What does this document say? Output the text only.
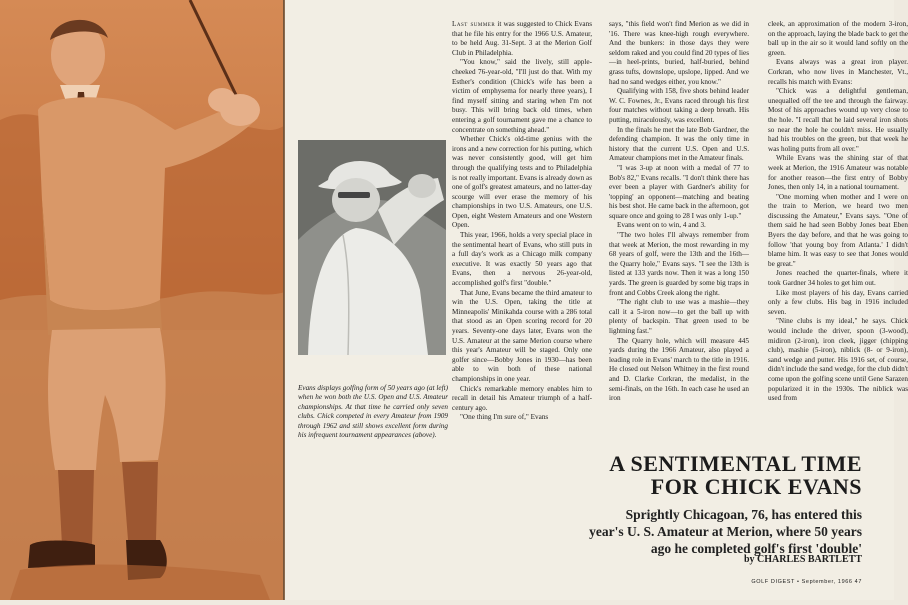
Evans displays golfing form of 50 years ago (at left) when he won both the U.S. Open and U.S. Amateur championships. At that time he carried only seven clubs. Chick competed in every Amateur from 1909 through 1962 and still shows excellent form during his infrequent tournament appearances (above).

Last summer it was suggested to Chick Evans that he file his entry for the 1966 U.S. Amateur, to be held Aug. 31-Sept. 3 at the Merion Golf Club in Philadelphia.

"You know," said the lively, still apple-cheeked 76-year-old, "I'll just do that. With my Esther's condition (Chick's wife has been a victim of emphysema for nearly three years), I find myself sitting and staring when I'm not busy. This will bring back old times, when entering a golf tournament gave me a chance to concentrate on something ahead."

Whether Chick's old-time genius with the irons and a new correction for his putting, which was never consistently good, will get him through the qualifying tests and to Philadelphia is not really important. Evans is already down as one of golf's greatest amateurs, and no latter-day scourge will ever erase the memory of his championships in two U.S. Amateurs, one U.S. Open, eight Western Amateurs and one Western Open.

This year, 1966, holds a very special place in the sentimental heart of Evans, who still puts in a full day's work as a Chicago milk company executive. It was exactly 50 years ago that Evans, then a nervous 26-year-old, accomplished golf's first "double."

That June, Evans became the third amateur to win the U.S. Open, taking the title at Minneapolis' Minikahda course with a 286 total that stood as an Open scoring record for 20 years. Seventy-one days later, Evans won the U.S. Amateur at the same Merion course where this year's Amateur will be staged. Only one golfer since—Bobby Jones in 1930—has been able to win both of these national championships in one year.

Chick's remarkable memory enables him to recall in detail his Amateur triumph of a half-century ago.

"One thing I'm sure of," Evans

says, "this field won't find Merion as we did in '16. There was knee-high rough everywhere. And the bunkers: in those days they were seldom raked and you could find 20 types of lies—in heel-prints, buried, half-buried, behind grass tufts, downslope, upslope, lipped. And we had no sand wedges either, you know."

Qualifying with 158, five shots behind leader W. C. Fownes, Jr., Evans raced through his first four matches without taking a deep breath. His putting, miraculously, was excellent.

In the finals he met the late Bob Gardner, the defending champion. It was the only time in history that the current U.S. Open and U.S. Amateur champions met in the Amateur finals.

"I was 3-up at noon with a medal of 77 to Bob's 82," Evans recalls. "I don't think there has ever been a player with Gardner's ability for 'topping' an opponent—matching and beating his best shot. He came back in the afternoon, got square once and going to 28 I was only 1-up."

Evans went on to win, 4 and 3.

"The two holes I'll always remember from that week at Merion, the most rewarding in my 68 years of golf, were the 13th and the 16th—the Quarry hole," Evans says. "I see the 13th is listed at 133 yards now. Then it was a long 150 yards. The green is guarded by some big traps in front and Cobbs Creek along the right.

"The right club to use was a mashie—they call it a 5-iron now—to get the ball up with plenty of backspin. That green used to be lightning fast."

The Quarry hole, which will measure 445 yards during the 1966 Amateur, also played a leading role in Evans' march to the title in 1916. He closed out Nelson Whitney in the first round and D. Clarke Corkran, the medalist, in the semi-finals, on the 16th. In each case he used an iron

cleek, an approximation of the modern 3-iron, on the approach, laying the blade back to get the ball up in the air so it would land softly on the green.

Evans always was a great iron player. Corkran, who now lives in Manchester, Vt., recalls his match with Evans:

"Chick was a delightful gentleman, unequalled off the tee and through the fairway. Most of his approaches wound up very close to the hole. "I recall that he laid several iron shots so near the hole he couldn't miss. He usually had his troubles on the green, but that week he was holing putts from all over."

While Evans was the shining star of that week at Merion, the 1916 Amateur was notable for another reason—the first entry of Bobby Jones, then only 14, in a national tournament.

"One morning when mother and I were on the train to Merion, we heard two men discussing the Amateur," Evans says. "One of them said he had seen Bobby Jones beat Eben Byers the day before, and that he was going to follow 'that young boy from Atlanta.' I didn't blame him. It was easy to see that Jones would be great."

Jones reached the quarter-finals, where it took Gardner 34 holes to get him out.

Like most players of his day, Evans carried only a few clubs. His bag in 1916 included seven.

"Nine clubs is my ideal," he says. Chick would include the driver, spoon (3-wood), midiron (2-iron), iron cleek, jigger (chipping club), mashie (5-iron), niblick (8- or 9-iron), sand wedge and putter. His 1916 set, of course, didn't include the sand wedge, for the club didn't come upon the golfing scene until Gene Sarazen popularized it in the 1930s. The niblick was used from

A SENTIMENTAL TIME
FOR CHICK EVANS
Sprightly Chicagoan, 76, has entered this
year's U. S. Amateur at Merion, where 50 years
ago he completed golf's first 'double'
by CHARLES BARTLETT
GOLF DIGEST • September, 1966 47
